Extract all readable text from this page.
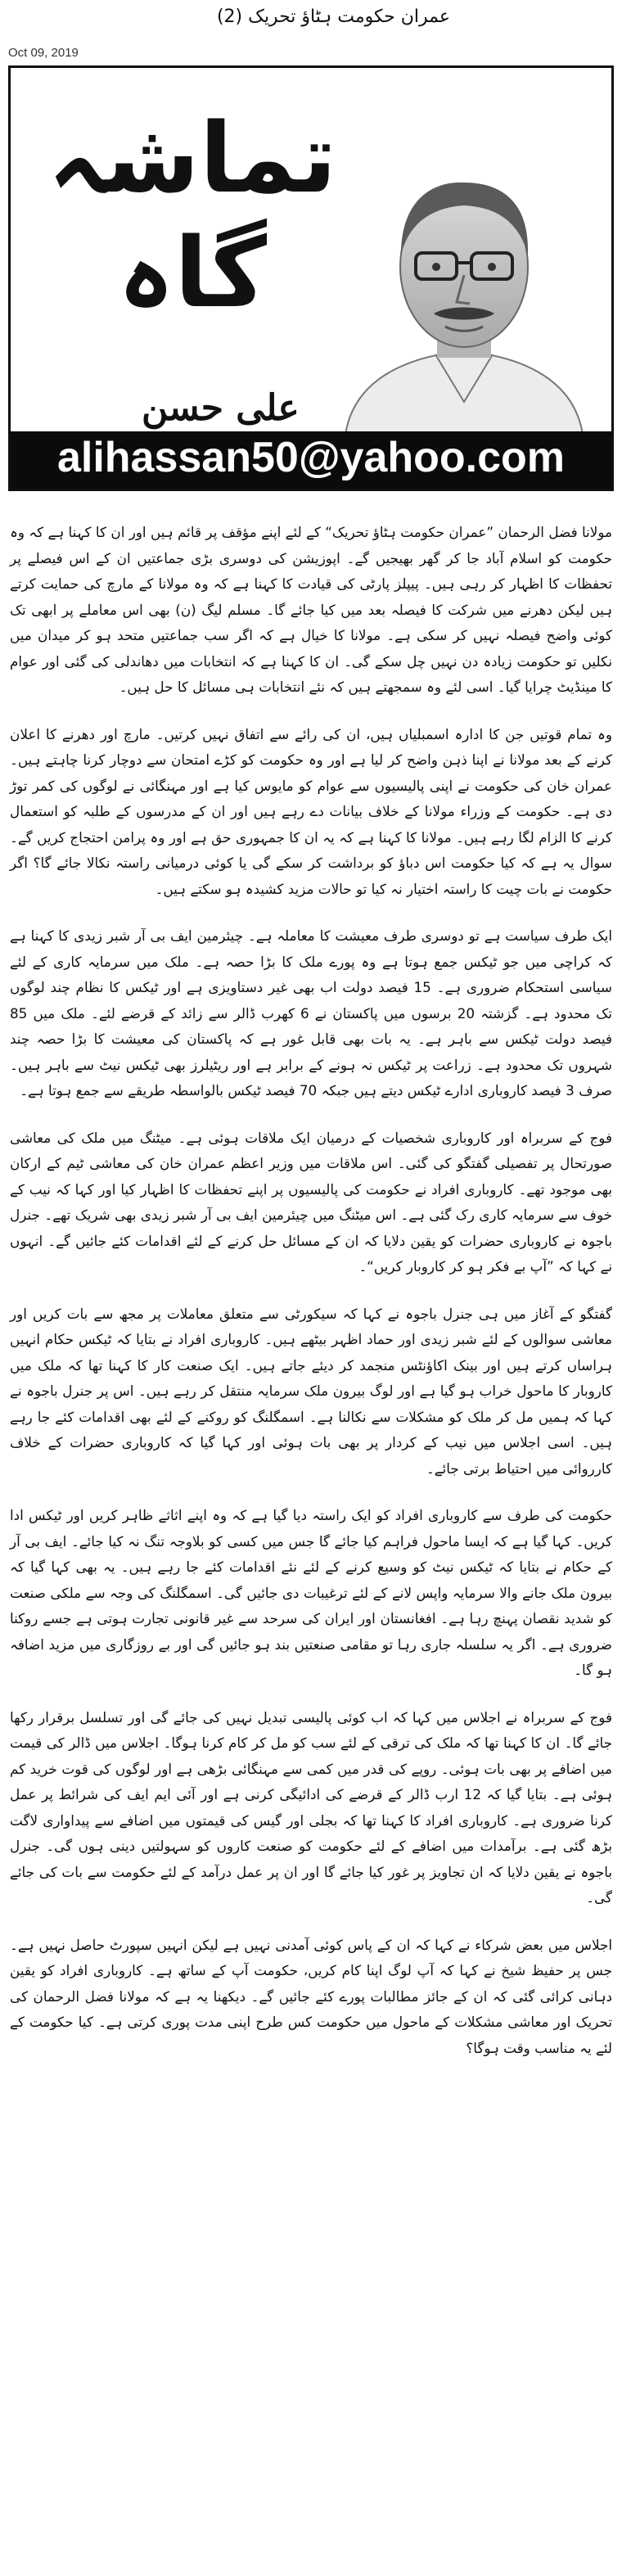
عمران حکومت ہٹاؤ تحریک (2)
Oct 09, 2019
تماشہ گاہ
علی حسن
alihassan50@yahoo.com

مولانا فضل الرحمان ”عمران حکومت ہٹاؤ تحریک“ کے لئے اپنے مؤقف پر قائم ہیں اور ان کا کہنا ہے کہ وہ حکومت کو اسلام آباد جا کر گھر بھیجیں گے۔ اپوزیشن کی دوسری بڑی جماعتیں ان کے اس فیصلے پر تحفظات کا اظہار کر رہی ہیں۔ پیپلز پارٹی کی قیادت کا کہنا ہے کہ وہ مولانا کے مارچ کی حمایت کرتے ہیں لیکن دھرنے میں شرکت کا فیصلہ بعد میں کیا جائے گا۔ مسلم لیگ (ن) بھی اس معاملے پر ابھی تک کوئی واضح فیصلہ نہیں کر سکی ہے۔ مولانا کا خیال ہے کہ اگر سب جماعتیں متحد ہو کر میدان میں نکلیں تو حکومت زیادہ دن نہیں چل سکے گی۔ ان کا کہنا ہے کہ انتخابات میں دھاندلی کی گئی اور عوام کا مینڈیٹ چرایا گیا۔ اسی لئے وہ سمجھتے ہیں کہ نئے انتخابات ہی مسائل کا حل ہیں۔

وہ تمام قوتیں جن کا ادارہ اسمبلیاں ہیں، ان کی رائے سے اتفاق نہیں کرتیں۔ مارچ اور دھرنے کا اعلان کرنے کے بعد مولانا نے اپنا ذہن واضح کر لیا ہے اور وہ حکومت کو کڑے امتحان سے دوچار کرنا چاہتے ہیں۔ عمران خان کی حکومت نے اپنی پالیسیوں سے عوام کو مایوس کیا ہے اور مہنگائی نے لوگوں کی کمر توڑ دی ہے۔ حکومت کے وزراء مولانا کے خلاف بیانات دے رہے ہیں اور ان کے مدرسوں کے طلبہ کو استعمال کرنے کا الزام لگا رہے ہیں۔ مولانا کا کہنا ہے کہ یہ ان کا جمہوری حق ہے اور وہ پرامن احتجاج کریں گے۔ سوال یہ ہے کہ کیا حکومت اس دباؤ کو برداشت کر سکے گی یا کوئی درمیانی راستہ نکالا جائے گا؟ اگر حکومت نے بات چیت کا راستہ اختیار نہ کیا تو حالات مزید کشیدہ ہو سکتے ہیں۔

ایک طرف سیاست ہے تو دوسری طرف معیشت کا معاملہ ہے۔ چیئرمین ایف بی آر شبر زیدی کا کہنا ہے کہ کراچی میں جو ٹیکس جمع ہوتا ہے وہ پورے ملک کا بڑا حصہ ہے۔ ملک میں سرمایہ کاری کے لئے سیاسی استحکام ضروری ہے۔ 15 فیصد دولت اب بھی غیر دستاویزی ہے اور ٹیکس کا نظام چند لوگوں تک محدود ہے۔ گزشتہ 20 برسوں میں پاکستان نے 6 کھرب ڈالر سے زائد کے قرضے لئے۔ ملک میں 85 فیصد دولت ٹیکس سے باہر ہے۔ یہ بات بھی قابل غور ہے کہ پاکستان کی معیشت کا بڑا حصہ چند شہروں تک محدود ہے۔ زراعت پر ٹیکس نہ ہونے کے برابر ہے اور ریٹیلرز بھی ٹیکس نیٹ سے باہر ہیں۔ صرف 3 فیصد کاروباری ادارے ٹیکس دیتے ہیں جبکہ 70 فیصد ٹیکس بالواسطہ طریقے سے جمع ہوتا ہے۔

فوج کے سربراہ اور کاروباری شخصیات کے درمیان ایک ملاقات ہوئی ہے۔ میٹنگ میں ملک کی معاشی صورتحال پر تفصیلی گفتگو کی گئی۔ اس ملاقات میں وزیر اعظم عمران خان کی معاشی ٹیم کے ارکان بھی موجود تھے۔ کاروباری افراد نے حکومت کی پالیسیوں پر اپنے تحفظات کا اظہار کیا اور کہا کہ نیب کے خوف سے سرمایہ کاری رک گئی ہے۔ اس میٹنگ میں چیئرمین ایف بی آر شبر زیدی بھی شریک تھے۔ جنرل باجوہ نے کاروباری حضرات کو یقین دلایا کہ ان کے مسائل حل کرنے کے لئے اقدامات کئے جائیں گے۔ انہوں نے کہا کہ ”آپ بے فکر ہو کر کاروبار کریں“۔

گفتگو کے آغاز میں ہی جنرل باجوہ نے کہا کہ سیکورٹی سے متعلق معاملات پر مجھ سے بات کریں اور معاشی سوالوں کے لئے شبر زیدی اور حماد اظہر بیٹھے ہیں۔ کاروباری افراد نے بتایا کہ ٹیکس حکام انہیں ہراساں کرتے ہیں اور بینک اکاؤنٹس منجمد کر دیئے جاتے ہیں۔ ایک صنعت کار کا کہنا تھا کہ ملک میں کاروبار کا ماحول خراب ہو گیا ہے اور لوگ بیرون ملک سرمایہ منتقل کر رہے ہیں۔ اس پر جنرل باجوہ نے کہا کہ ہمیں مل کر ملک کو مشکلات سے نکالنا ہے۔ اسمگلنگ کو روکنے کے لئے بھی اقدامات کئے جا رہے ہیں۔ اسی اجلاس میں نیب کے کردار پر بھی بات ہوئی اور کہا گیا کہ کاروباری حضرات کے خلاف کارروائی میں احتیاط برتی جائے۔

حکومت کی طرف سے کاروباری افراد کو ایک راستہ دیا گیا ہے کہ وہ اپنے اثاثے ظاہر کریں اور ٹیکس ادا کریں۔ کہا گیا ہے کہ ایسا ماحول فراہم کیا جائے گا جس میں کسی کو بلاوجہ تنگ نہ کیا جائے۔ ایف بی آر کے حکام نے بتایا کہ ٹیکس نیٹ کو وسیع کرنے کے لئے نئے اقدامات کئے جا رہے ہیں۔ یہ بھی کہا گیا کہ بیرون ملک جانے والا سرمایہ واپس لانے کے لئے ترغیبات دی جائیں گی۔ اسمگلنگ کی وجہ سے ملکی صنعت کو شدید نقصان پہنچ رہا ہے۔ افغانستان اور ایران کی سرحد سے غیر قانونی تجارت ہوتی ہے جسے روکنا ضروری ہے۔ اگر یہ سلسلہ جاری رہا تو مقامی صنعتیں بند ہو جائیں گی اور بے روزگاری میں مزید اضافہ ہو گا۔

فوج کے سربراہ نے اجلاس میں کہا کہ اب کوئی پالیسی تبدیل نہیں کی جائے گی اور تسلسل برقرار رکھا جائے گا۔ ان کا کہنا تھا کہ ملک کی ترقی کے لئے سب کو مل کر کام کرنا ہوگا۔ اجلاس میں ڈالر کی قیمت میں اضافے پر بھی بات ہوئی۔ روپے کی قدر میں کمی سے مہنگائی بڑھی ہے اور لوگوں کی قوت خرید کم ہوئی ہے۔ بتایا گیا کہ 12 ارب ڈالر کے قرضے کی ادائیگی کرنی ہے اور آئی ایم ایف کی شرائط پر عمل کرنا ضروری ہے۔ کاروباری افراد کا کہنا تھا کہ بجلی اور گیس کی قیمتوں میں اضافے سے پیداواری لاگت بڑھ گئی ہے۔ برآمدات میں اضافے کے لئے حکومت کو صنعت کاروں کو سہولتیں دینی ہوں گی۔ جنرل باجوہ نے یقین دلایا کہ ان تجاویز پر غور کیا جائے گا اور ان پر عمل درآمد کے لئے حکومت سے بات کی جائے گی۔

اجلاس میں بعض شرکاء نے کہا کہ ان کے پاس کوئی آمدنی نہیں ہے لیکن انہیں سپورٹ حاصل نہیں ہے۔ جس پر حفیظ شیخ نے کہا کہ آپ لوگ اپنا کام کریں، حکومت آپ کے ساتھ ہے۔ کاروباری افراد کو یقین دہانی کرائی گئی کہ ان کے جائز مطالبات پورے کئے جائیں گے۔ دیکھنا یہ ہے کہ مولانا فضل الرحمان کی تحریک اور معاشی مشکلات کے ماحول میں حکومت کس طرح اپنی مدت پوری کرتی ہے۔ کیا حکومت کے لئے یہ مناسب وقت ہوگا؟
